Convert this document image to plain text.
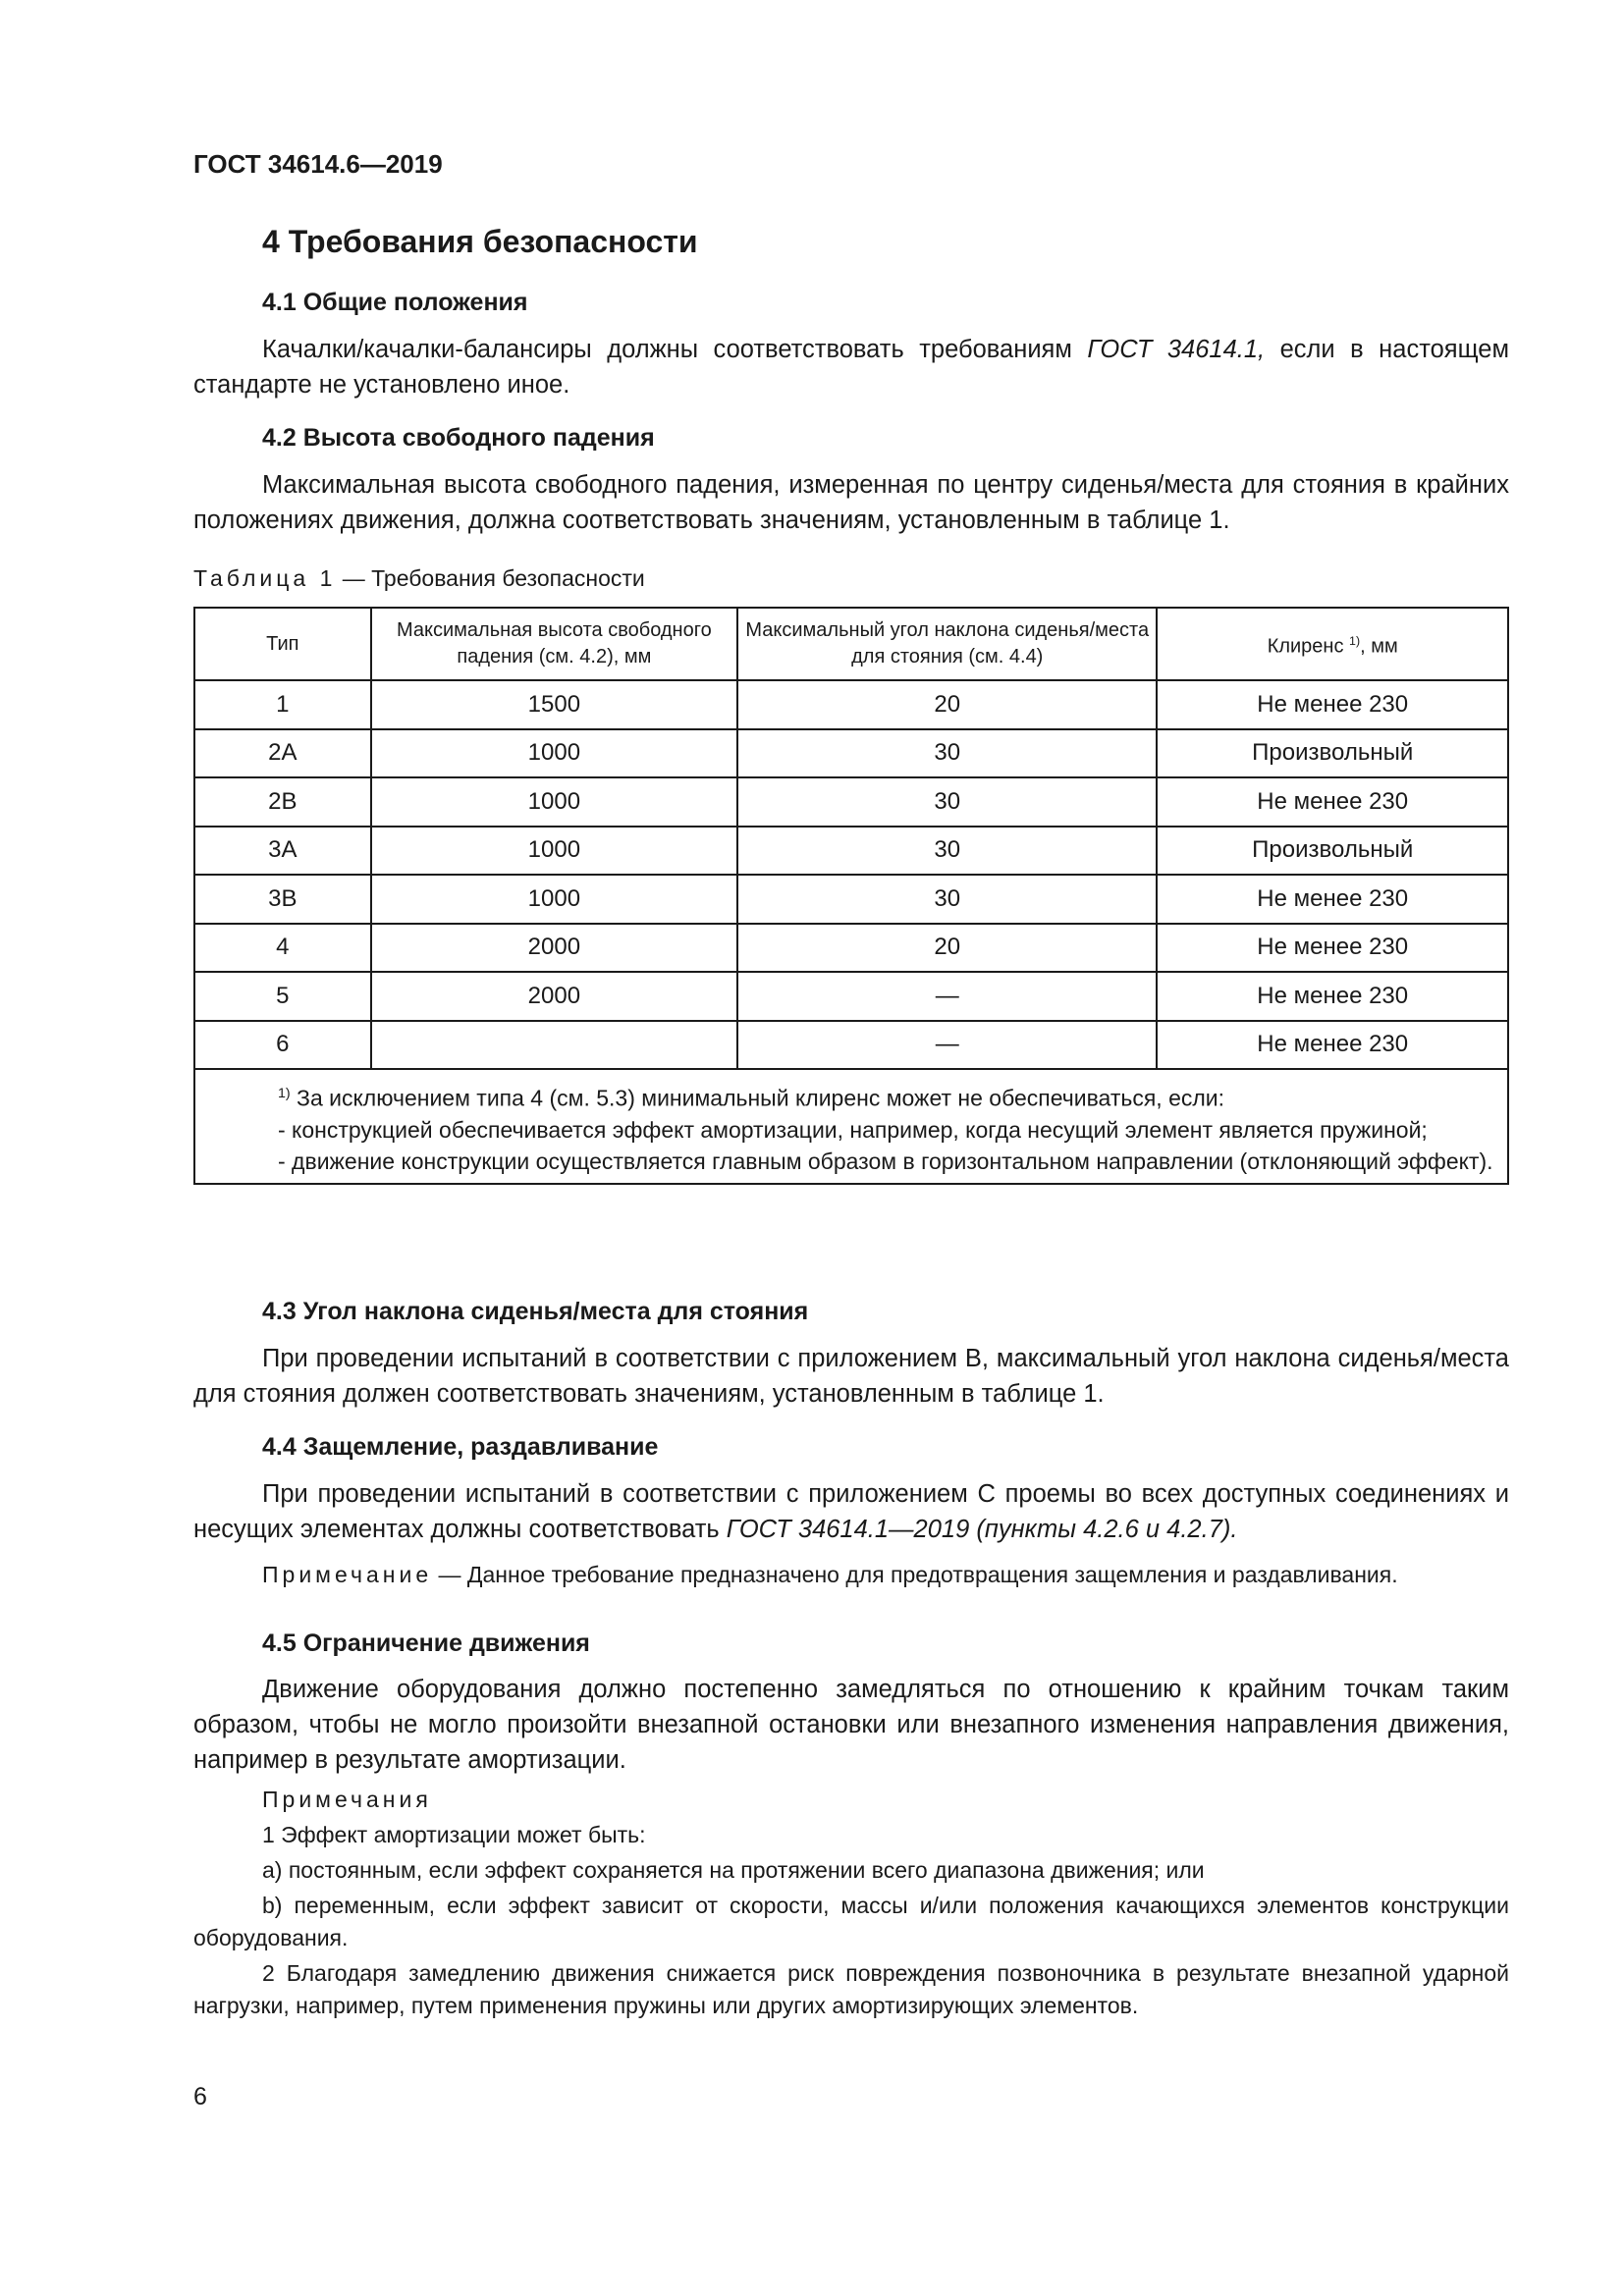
ГОСТ 34614.6—2019
4 Требования безопасности
4.1 Общие положения
Качалки/качалки-балансиры должны соответствовать требованиям ГОСТ 34614.1, если в настоящем стандарте не установлено иное.
4.2 Высота свободного падения
Максимальная высота свободного падения, измеренная по центру сиденья/места для стояния в крайних положениях движения, должна соответствовать значениям, установленным в таблице 1.
Таблица 1 — Требования безопасности
Тип	Максимальная высота свободного падения (см. 4.2), мм	Максимальный угол наклона сиденья/места для стояния (см. 4.4)	Клиренс $^{1)}$, мм
1	1500	20	Не менее 230
2А	1000	30	Произвольный
2В	1000	30	Не менее 230
3А	1000	30	Произвольный
3В	1000	30	Не менее 230
4	2000	20	Не менее 230
5	2000	—	Не менее 230
6		—	Не менее 230

$^{1)}$ За исключением типа 4 (см. 5.3) минимальный клиренс может не обеспечиваться, если:
- конструкцией обеспечивается эффект амортизации, например, когда несущий элемент является пружиной;
- движение конструкции осуществляется главным образом в горизонтальном направлении (отклоняющий эффект).			
4.3 Угол наклона сиденья/места для стояния
При проведении испытаний в соответствии с приложением В, максимальный угол наклона сиденья/места для стояния должен соответствовать значениям, установленным в таблице 1.
4.4 Защемление, раздавливание
При проведении испытаний в соответствии с приложением С проемы во всех доступных соединениях и несущих элементах должны соответствовать ГОСТ 34614.1—2019 (пункты 4.2.6 и 4.2.7).
Примечание — Данное требование предназначено для предотвращения защемления и раздавливания.
4.5 Ограничение движения
Движение оборудования должно постепенно замедляться по отношению к крайним точкам таким образом, чтобы не могло произойти внезапной остановки или внезапного изменения направления движения, например в результате амортизации.
Примечания
1 Эффект амортизации может быть:
a) постоянным, если эффект сохраняется на протяжении всего диапазона движения; или
b) переменным, если эффект зависит от скорости, массы и/или положения качающихся элементов конструкции оборудования.
2 Благодаря замедлению движения снижается риск повреждения позвоночника в результате внезапной ударной нагрузки, например, путем применения пружины или других амортизирующих элементов.
6
